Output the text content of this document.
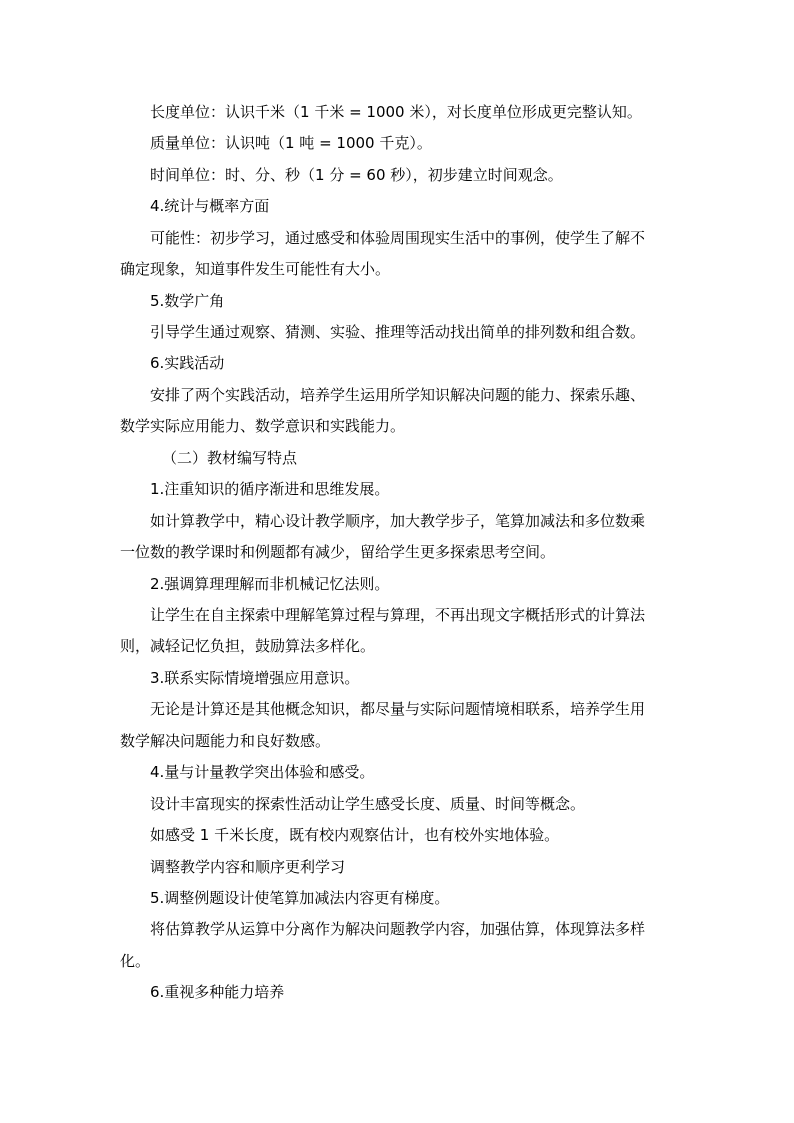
长度单位：认识千米（1 千米 = 1000 米），对长度单位形成更完整认知。
质量单位：认识吨（1 吨 = 1000 千克）。
时间单位：时、分、秒（1 分 = 60 秒），初步建立时间观念。
4.统计与概率方面
可能性：初步学习，通过感受和体验周围现实生活中的事例，使学生了解不
确定现象，知道事件发生可能性有大小。
5.数学广角
引导学生通过观察、猜测、实验、推理等活动找出简单的排列数和组合数。
6.实践活动
安排了两个实践活动，培养学生运用所学知识解决问题的能力、探索乐趣、
数学实际应用能力、数学意识和实践能力。
（二）教材编写特点
1.注重知识的循序渐进和思维发展。
如计算教学中，精心设计教学顺序，加大教学步子，笔算加减法和多位数乘
一位数的教学课时和例题都有减少，留给学生更多探索思考空间。
2.强调算理理解而非机械记忆法则。
让学生在自主探索中理解笔算过程与算理，不再出现文字概括形式的计算法
则，减轻记忆负担，鼓励算法多样化。
3.联系实际情境增强应用意识。
无论是计算还是其他概念知识，都尽量与实际问题情境相联系，培养学生用
数学解决问题能力和良好数感。
4.量与计量教学突出体验和感受。
设计丰富现实的探索性活动让学生感受长度、质量、时间等概念。
如感受 1 千米长度，既有校内观察估计，也有校外实地体验。
调整教学内容和顺序更利学习
5.调整例题设计使笔算加减法内容更有梯度。
将估算教学从运算中分离作为解决问题教学内容，加强估算，体现算法多样
化。
6.重视多种能力培养
